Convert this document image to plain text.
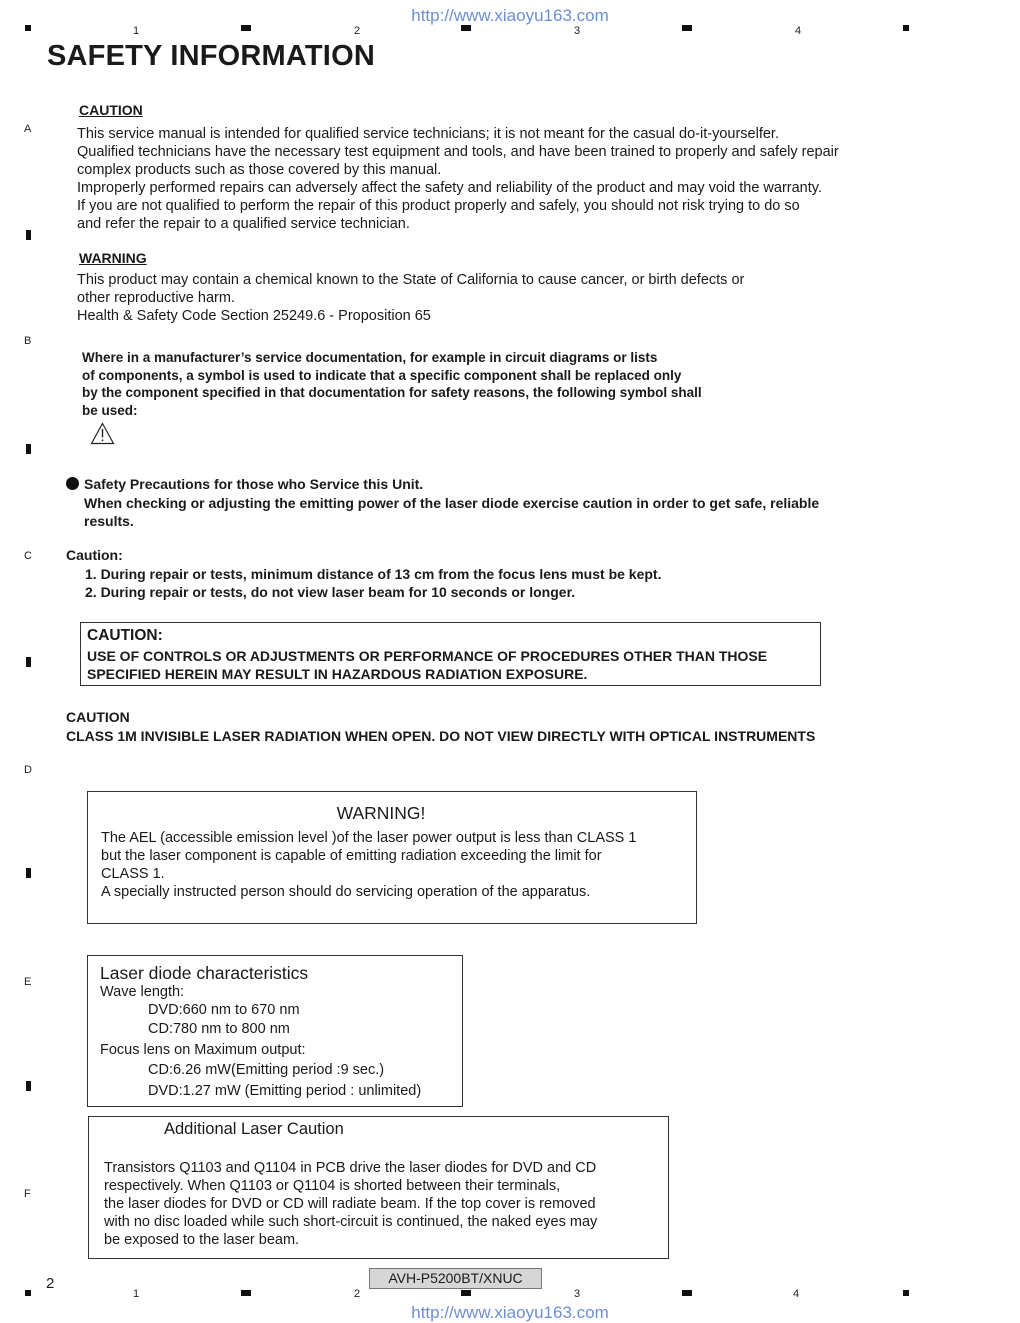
http://www.xiaoyu163.com
1	2	3	4
A
B
C
D
E
F
SAFETY INFORMATION
CAUTION
This service manual is intended for qualified service technicians; it is not meant for the casual do-it-yourselfer.
Qualified technicians have the necessary test equipment and tools, and have been trained to properly and safely repair
complex products such as those covered by this manual.
Improperly performed repairs can adversely affect the safety and reliability of the product and may void the warranty.
If you are not qualified to perform the repair of this product properly and safely, you should not risk trying to do so
and refer the repair to a qualified service technician.
WARNING
This product may contain a chemical known to the State of California to cause cancer, or birth defects or
other reproductive harm.
Health & Safety Code Section 25249.6 - Proposition 65
Where in a manufacturer’s service documentation, for example in circuit diagrams or lists
of components, a symbol is used to indicate that a specific component shall be replaced only
by the component specified in that documentation for safety reasons, the following symbol shall
be used:
Safety Precautions for those who Service this Unit.
When checking or adjusting the emitting power of the laser diode exercise caution in order to get safe, reliable
results.
Caution:
1. During repair or tests, minimum distance of 13 cm from the focus lens must be kept.
2. During repair or tests, do not view laser beam for 10 seconds or longer.
CAUTION:
USE OF CONTROLS OR ADJUSTMENTS OR PERFORMANCE OF PROCEDURES OTHER THAN THOSE
SPECIFIED HEREIN MAY RESULT IN HAZARDOUS RADIATION EXPOSURE.
CAUTION
CLASS 1M INVISIBLE LASER RADIATION WHEN OPEN. DO NOT VIEW DIRECTLY WITH OPTICAL INSTRUMENTS
WARNING!
The AEL (accessible emission level )of the laser power output is less than CLASS 1
but the laser component is capable of emitting radiation exceeding the limit for
CLASS 1.
A specially instructed person should do servicing operation of the apparatus.
Laser diode characteristics
Wave length:
DVD:660 nm to 670 nm
CD:780 nm to 800 nm
Focus lens on Maximum output:
CD:6.26 mW(Emitting period :9 sec.)
DVD:1.27 mW (Emitting period : unlimited)
Additional Laser Caution
Transistors Q1103 and Q1104 in PCB drive the laser diodes for DVD and CD
respectively. When Q1103 or Q1104 is shorted between their terminals,
the laser diodes for DVD or CD will radiate beam. If the top cover is removed
with no disc loaded while such short-circuit is continued, the naked eyes may
be exposed to the laser beam.
2	AVH-P5200BT/XNUC
1	2	3	4
http://www.xiaoyu163.com
